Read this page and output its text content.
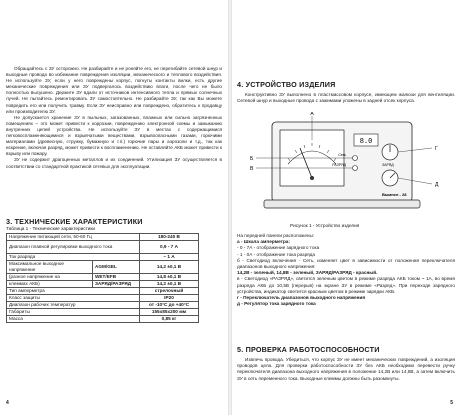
Обращайтесь с ЗУ осторожно. Не разбирайте и не роняйте его, не перегибайте сетевой шнур и выходные провода во избежание повреждения изоляции, механического и теплового воздействия. Не используйте ЗУ, если у него повреждены корпус, погнуты контакты вилки, есть другие механические повреждения или ЗУ подвергалось воздействию влаги, после чего не было полностью высушено. Держите ЗУ вдали от источников интенсивного тепла и прямых солнечных лучей. Не пытайтесь ремонтировать ЗУ самостоятельно. Не разбирайте ЗУ, так как Вы можете повредить его или получить травму. Если ЗУ неисправно или повреждено, обратитесь к продавцу или производителю ЗУ.

Не допускается хранение ЗУ в пыльных, загазованных, влажных или сильно загрязненных помещениях – это может привести к коррозии, повреждению электронной схемы и замыканию внутренних цепей устройства. Не используйте ЗУ в местах с содержащимися легковоспламеняющимися и взрывчатыми веществами, взрывоопасными газами, горючими материалами (древесную, стружку, бумажную и т.п.) горючие пары и аэрозоли и т.д., так как искрение, включая разряд, может привести к воспламенению. Не оставляйте АКБ может привести к взрыву или пожару.

ЗУ не содержит драгоценных металлов и их соединений. Утилизация ЗУ осуществляется в соответствии со стандартной практикой сетевых для эксплуатации.

3. ТЕХНИЧЕСКИЕ ХАРАКТЕРИСТИКИ
Таблица 1 - Технические характеристики
Напряжение питающей сети, 50-60 Гц		180-240 В
Диапазон плавной регулировки выходного тока		0,9 - 7 А
Ток разряда		~ 1 А
Максимальное выходное напряжение	AGM/GEL	14,2 ±0,1 В
(разное напряжение на	WET/EFB	14,8 ±0,1 В
клеммах АКБ)	ЗАРЯД/РАЗРЯД	14,2 ±0,1 В
Тип амперметра		стрелочный
Класс защиты		IP20
Диапазон рабочих температур		от -10°C до +40°C
Габариты		155x85x200 мм
Масса		0,85 кг
4
4. УСТРОЙСТВО ИЗДЕЛИЯ

Конструктивно ЗУ выполнено в пластмассовом корпусе, имеющем жалюзи для вентиляции. Сетевой шнур и выходные провода с зажимами уложены в задней отсек корпуса.

8.0
А
Б
В
Г
Д
Сеть
РАЗРЯД	ЗАРЯД
Вымпел - 28
Рисунок 1 - Устройство изделия

На передней панели расположены:

а - Шкала амперметра:

- 0 - 7А - отображение зарядного тока

- 1 - 0А - отображение тока разряда

б - Светодиод включения - Сеть, изменяет цвет в зависимости от положения переключателя диапазонов выходного напряжения:

14,2В - зеленый, 14,8В - зеленый, ЗАРЯД/РАЗРЯД - красный.

в - Светодиод «РАЗРЯД», светится зеленым цветом в режиме разряда АКБ током ~ 1А, во время разряда АКБ до 10,5В (перерыв) на экране ЗУ в режиме «Разряд». При переходе зарядного устройства, индикатор светится красным цветом в режиме зарядки АКБ.

г - Переключатель диапазонов выходного напряжения

д - Регулятор тока зарядного тока

5. ПРОВЕРКА РАБОТОСПОСОБНОСТИ

Извлечь провода. Убедиться, что корпус ЗУ не имеет механических повреждений, а изоляция проводов цела. Для проверки работоспособности ЗУ без АКБ необходимо перевести ручку переключателя диапазона выходного напряжения в положение 14,2В или 14,8В, а затем включить ЗУ в сеть переменного тока. Выходные клеммы должны быть разомкнуты.

5
